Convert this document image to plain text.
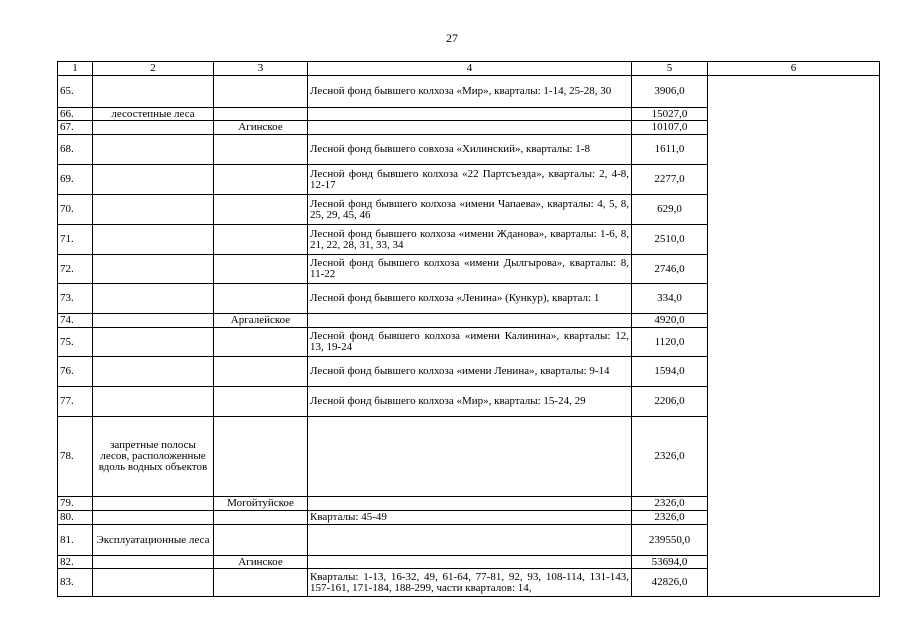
27
1	2	3	4	5	6
65.			Лесной фонд бывшего колхоза «Мир», кварталы: 1-14, 25-28, 30	3906,0	
66.	лесостепные леса			15027,0	
67.		Агинское		10107,0	
68.			Лесной фонд бывшего совхоза «Хилинский», кварталы: 1-8	1611,0	
69.			Лесной фонд бывшего колхоза «22 Партсъезда», кварталы: 2, 4-8, 12-17	2277,0	
70.			Лесной фонд бывшего колхоза «имени Чапаева», кварталы: 4, 5, 8, 25, 29, 45, 46	629,0	
71.			Лесной фонд бывшего колхоза «имени Жданова», кварталы: 1-6, 8, 21, 22, 28, 31, 33, 34	2510,0	
72.			Лесной фонд бывшего колхоза «имени Дылгырова», кварталы: 8, 11-22	2746,0	
73.			Лесной фонд бывшего колхоза «Ленина» (Кункур), квартал: 1	334,0	
74.		Аргалейское		4920,0	
75.			Лесной фонд бывшего колхоза «имени Калинина», кварталы: 12, 13, 19-24	1120,0	
76.			Лесной фонд бывшего колхоза «имени Ленина», кварталы: 9-14	1594,0	
77.			Лесной фонд бывшего колхоза «Мир», кварталы: 15-24, 29	2206,0	
78.	запретные полосы лесов, расположенные вдоль водных объектов			2326,0	
79.		Могойтуйское		2326,0	
80.			Кварталы: 45-49	2326,0	
81.	Эксплуатационные леса			239550,0	
82.		Агинское		53694,0	
83.			Кварталы: 1-13, 16-32, 49, 61-64, 77-81, 92, 93, 108-114, 131-143, 157-161, 171-184, 188-299, части кварталов: 14,	42826,0	
